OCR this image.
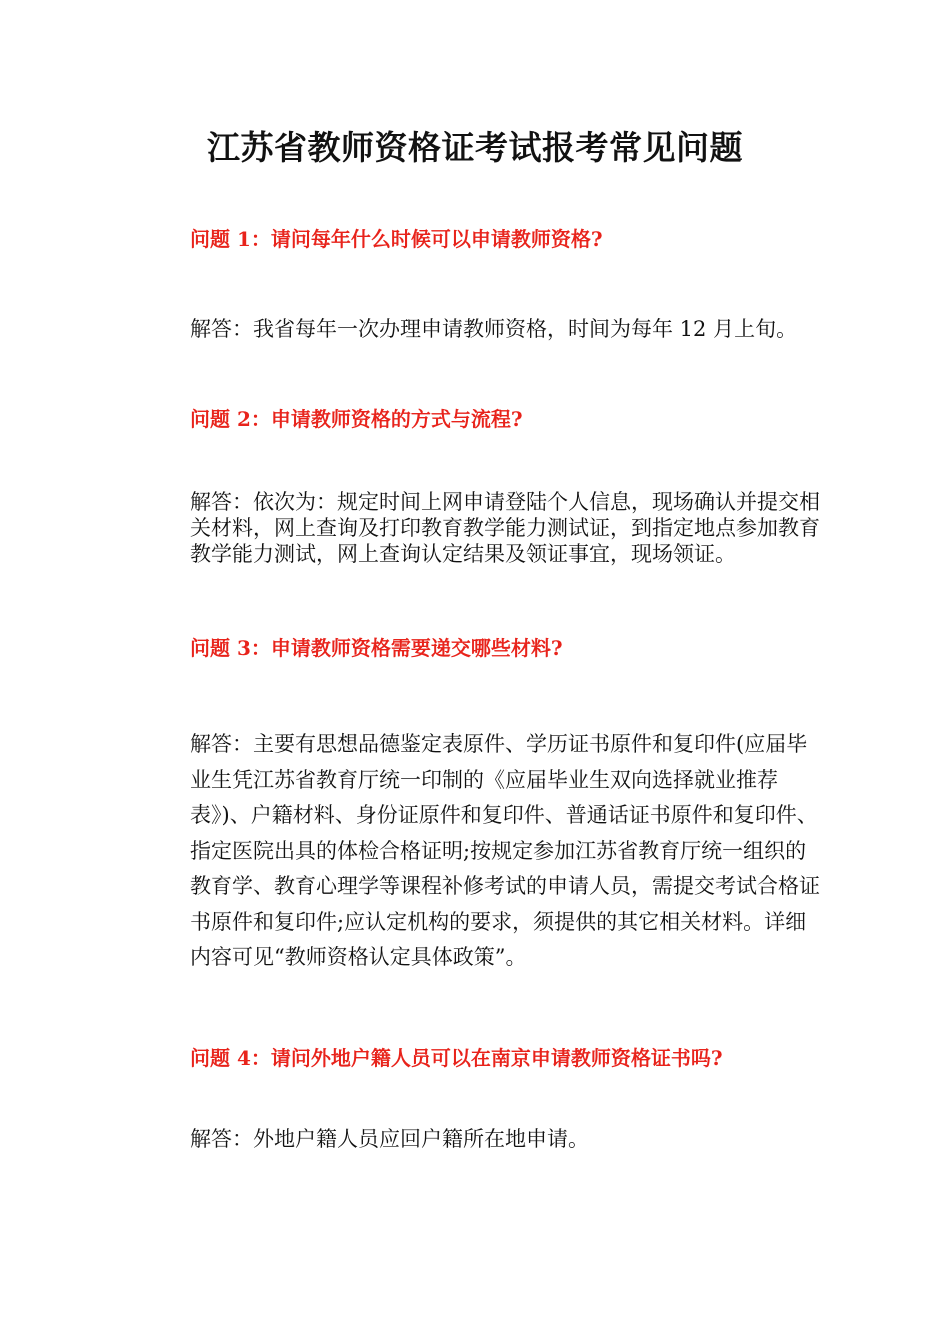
江苏省教师资格证考试报考常见问题

问题 1：请问每年什么时候可以申请教师资格?

解答：我省每年一次办理申请教师资格，时间为每年 12 月上旬。

问题 2：申请教师资格的方式与流程?

解答：依次为：规定时间上网申请登陆个人信息，现场确认并提交相关材料，网上查询及打印教育教学能力测试证，到指定地点参加教育教学能力测试，网上查询认定结果及领证事宜，现场领证。

问题 3：申请教师资格需要递交哪些材料?

解答：主要有思想品德鉴定表原件、学历证书原件和复印件(应届毕业生凭江苏省教育厅统一印制的《应届毕业生双向选择就业推荐表》)、户籍材料、身份证原件和复印件、普通话证书原件和复印件、指定医院出具的体检合格证明;按规定参加江苏省教育厅统一组织的教育学、教育心理学等课程补修考试的申请人员，需提交考试合格证书原件和复印件;应认定机构的要求，须提供的其它相关材料。详细内容可见“教师资格认定具体政策”。

问题 4：请问外地户籍人员可以在南京申请教师资格证书吗?

解答：外地户籍人员应回户籍所在地申请。
